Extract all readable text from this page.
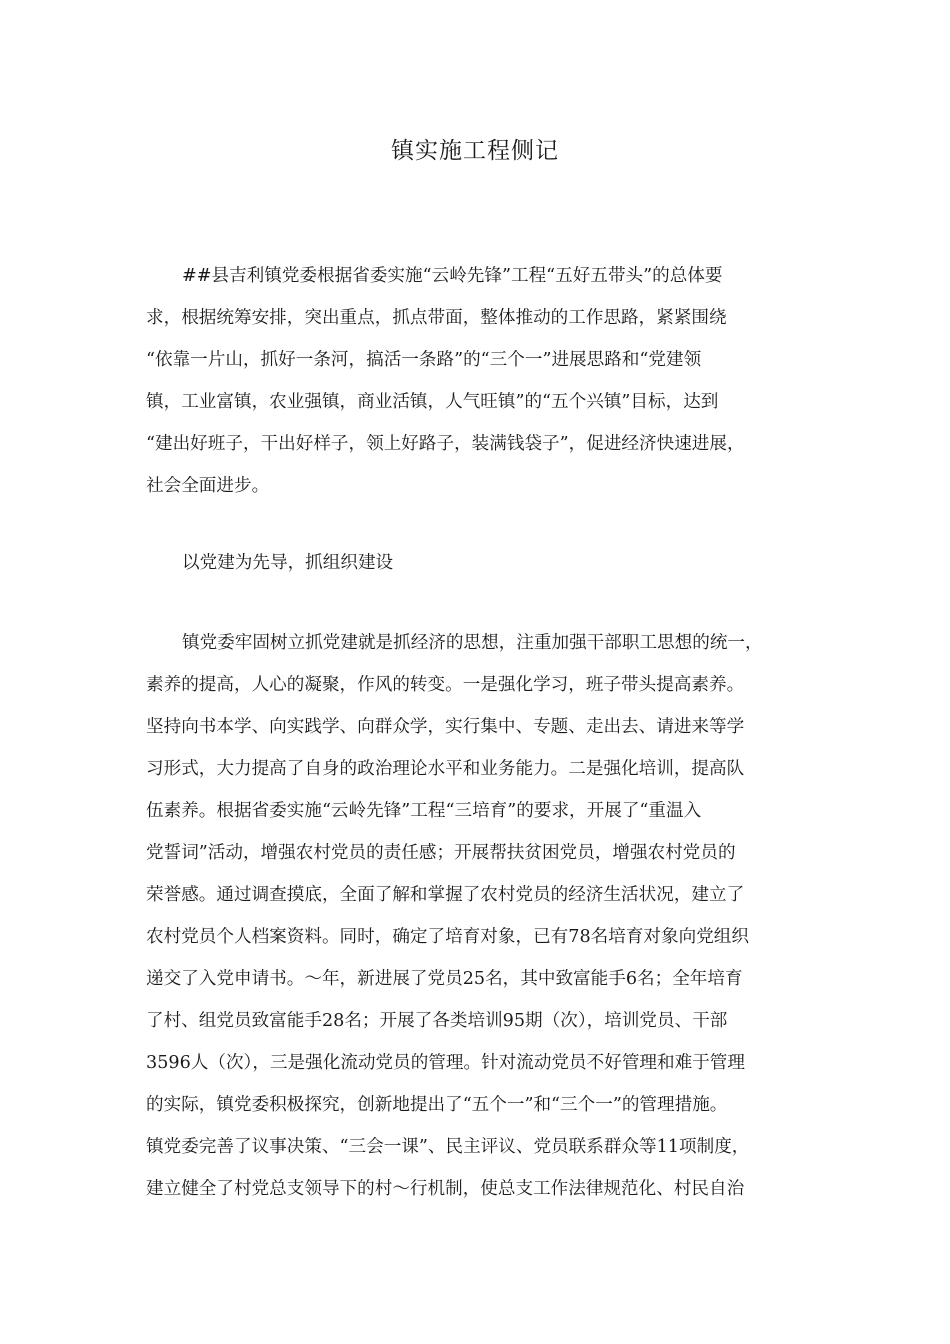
镇实施工程侧记
##县吉利镇党委根据省委实施“云岭先锋”工程“五好五带头”的总体要
求，根据统筹安排，突出重点，抓点带面，整体推动的工作思路，紧紧围绕
“依靠一片山，抓好一条河，搞活一条路”的“三个一”进展思路和“党建领
镇，工业富镇，农业强镇，商业活镇，人气旺镇”的“五个兴镇”目标，达到
“建出好班子，干出好样子，领上好路子，装满钱袋子”，促进经济快速进展，
社会全面进步。
以党建为先导，抓组织建设
镇党委牢固树立抓党建就是抓经济的思想，注重加强干部职工思想的统一，
素养的提高，人心的凝聚，作风的转变。一是强化学习，班子带头提高素养。
坚持向书本学、向实践学、向群众学，实行集中、专题、走出去、请进来等学
习形式，大力提高了自身的政治理论水平和业务能力。二是强化培训，提高队
伍素养。根据省委实施“云岭先锋”工程“三培育”的要求，开展了“重温入
党誓词”活动，增强农村党员的责任感；开展帮扶贫困党员，增强农村党员的
荣誉感。通过调查摸底，全面了解和掌握了农村党员的经济生活状况，建立了
农村党员个人档案资料。同时，确定了培育对象，已有78名培育对象向党组织
递交了入党申请书。～年，新进展了党员25名，其中致富能手6名；全年培育
了村、组党员致富能手28名；开展了各类培训95期（次），培训党员、干部
3596人（次），三是强化流动党员的管理。针对流动党员不好管理和难于管理
的实际，镇党委积极探究，创新地提出了“五个一”和“三个一”的管理措施。
镇党委完善了议事决策、“三会一课”、民主评议、党员联系群众等11项制度，
建立健全了村党总支领导下的村～行机制，使总支工作法律规范化、村民自治
